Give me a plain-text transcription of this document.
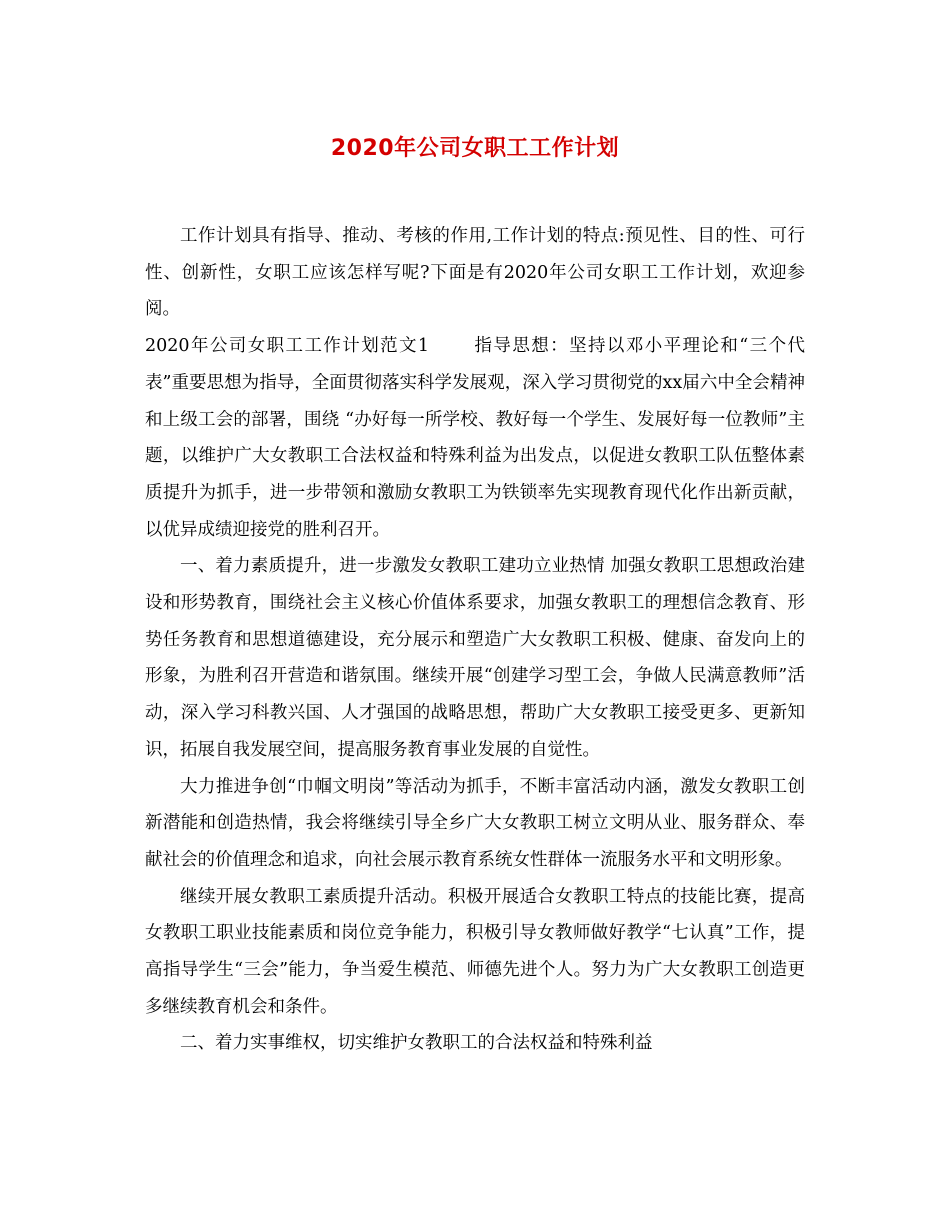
2020年公司女职工工作计划

工作计划具有指导、推动、考核的作用,工作计划的特点:预见性、目的性、可行性、创新性，女职工应该怎样写呢?下面是有2020年公司女职工工作计划，欢迎参阅。

2020年公司女职工工作计划范文1	指导思想：坚持以邓小平理论和“三个代表”重要思想为指导，全面贯彻落实科学发展观，深入学习贯彻党的xx届六中全会精神和上级工会的部署，围绕 “办好每一所学校、教好每一个学生、发展好每一位教师”主题，以维护广大女教职工合法权益和特殊利益为出发点，以促进女教职工队伍整体素质提升为抓手，进一步带领和激励女教职工为铁锁率先实现教育现代化作出新贡献，以优异成绩迎接党的胜利召开。

一、着力素质提升，进一步激发女教职工建功立业热情 加强女教职工思想政治建设和形势教育，围绕社会主义核心价值体系要求，加强女教职工的理想信念教育、形势任务教育和思想道德建设，充分展示和塑造广大女教职工积极、健康、奋发向上的形象，为胜利召开营造和谐氛围。继续开展“创建学习型工会，争做人民满意教师”活动，深入学习科教兴国、人才强国的战略思想，帮助广大女教职工接受更多、更新知识，拓展自我发展空间，提高服务教育事业发展的自觉性。

大力推进争创“巾帼文明岗”等活动为抓手，不断丰富活动内涵，激发女教职工创新潜能和创造热情，我会将继续引导全乡广大女教职工树立文明从业、服务群众、奉献社会的价值理念和追求，向社会展示教育系统女性群体一流服务水平和文明形象。

继续开展女教职工素质提升活动。积极开展适合女教职工特点的技能比赛，提高女教职工职业技能素质和岗位竞争能力，积极引导女教师做好教学“七认真”工作，提高指导学生“三会”能力，争当爱生模范、师德先进个人。努力为广大女教职工创造更多继续教育机会和条件。

二、着力实事维权，切实维护女教职工的合法权益和特殊利益
